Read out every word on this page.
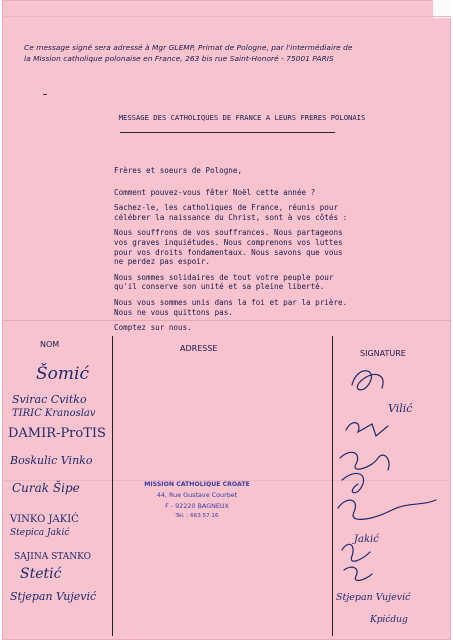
Ce message signé sera adressé à Mgr GLEMP, Primat de Pologne, par l'intermédiaire de
la Mission catholique polonaise en France, 263 bis rue Saint-Honoré - 75001 PARIS
MESSAGE DES CATHOLIQUES DE FRANCE A LEURS FRERES POLONAIS

Frères et soeurs de Pologne,

Comment pouvez-vous fêter Noël cette année ?

Sachez-le, les catholiques de France, réunis pour
célébrer la naissance du Christ, sont à vos côtés :

Nous souffrons de vos souffrances. Nous partageons
vos graves inquiétudes. Nous comprenons vos luttes
pour vos droits fondamentaux. Nous savons que vous
ne perdez pas espoir.

Nous sommes solidaires de tout votre peuple pour
qu'il conserve son unité et sa pleine liberté.

Nous vous sommes unis dans la foi et par la prière.
Nous ne vous quittons pas.

Comptez sur nous.

NOM	ADRESSE
SIGNATURE
Šomić
Svirac Cvitko
TIRIC Kranoslav
DAMIR-ProTIS
Boskulic Vinko
Curak Šipe
VINKO JAKIĆ
Stepica Jakić
SAJINA STANKO
Stetić
Stjepan Vujević
MISSION CATHOLIQUE CROATE
44, Rue Gustave Courbet
F - 92220 BAGNEUX
Tél. : 663.57.16
Vilić
Jakić
Stjepan Vujević
Kpićdug
